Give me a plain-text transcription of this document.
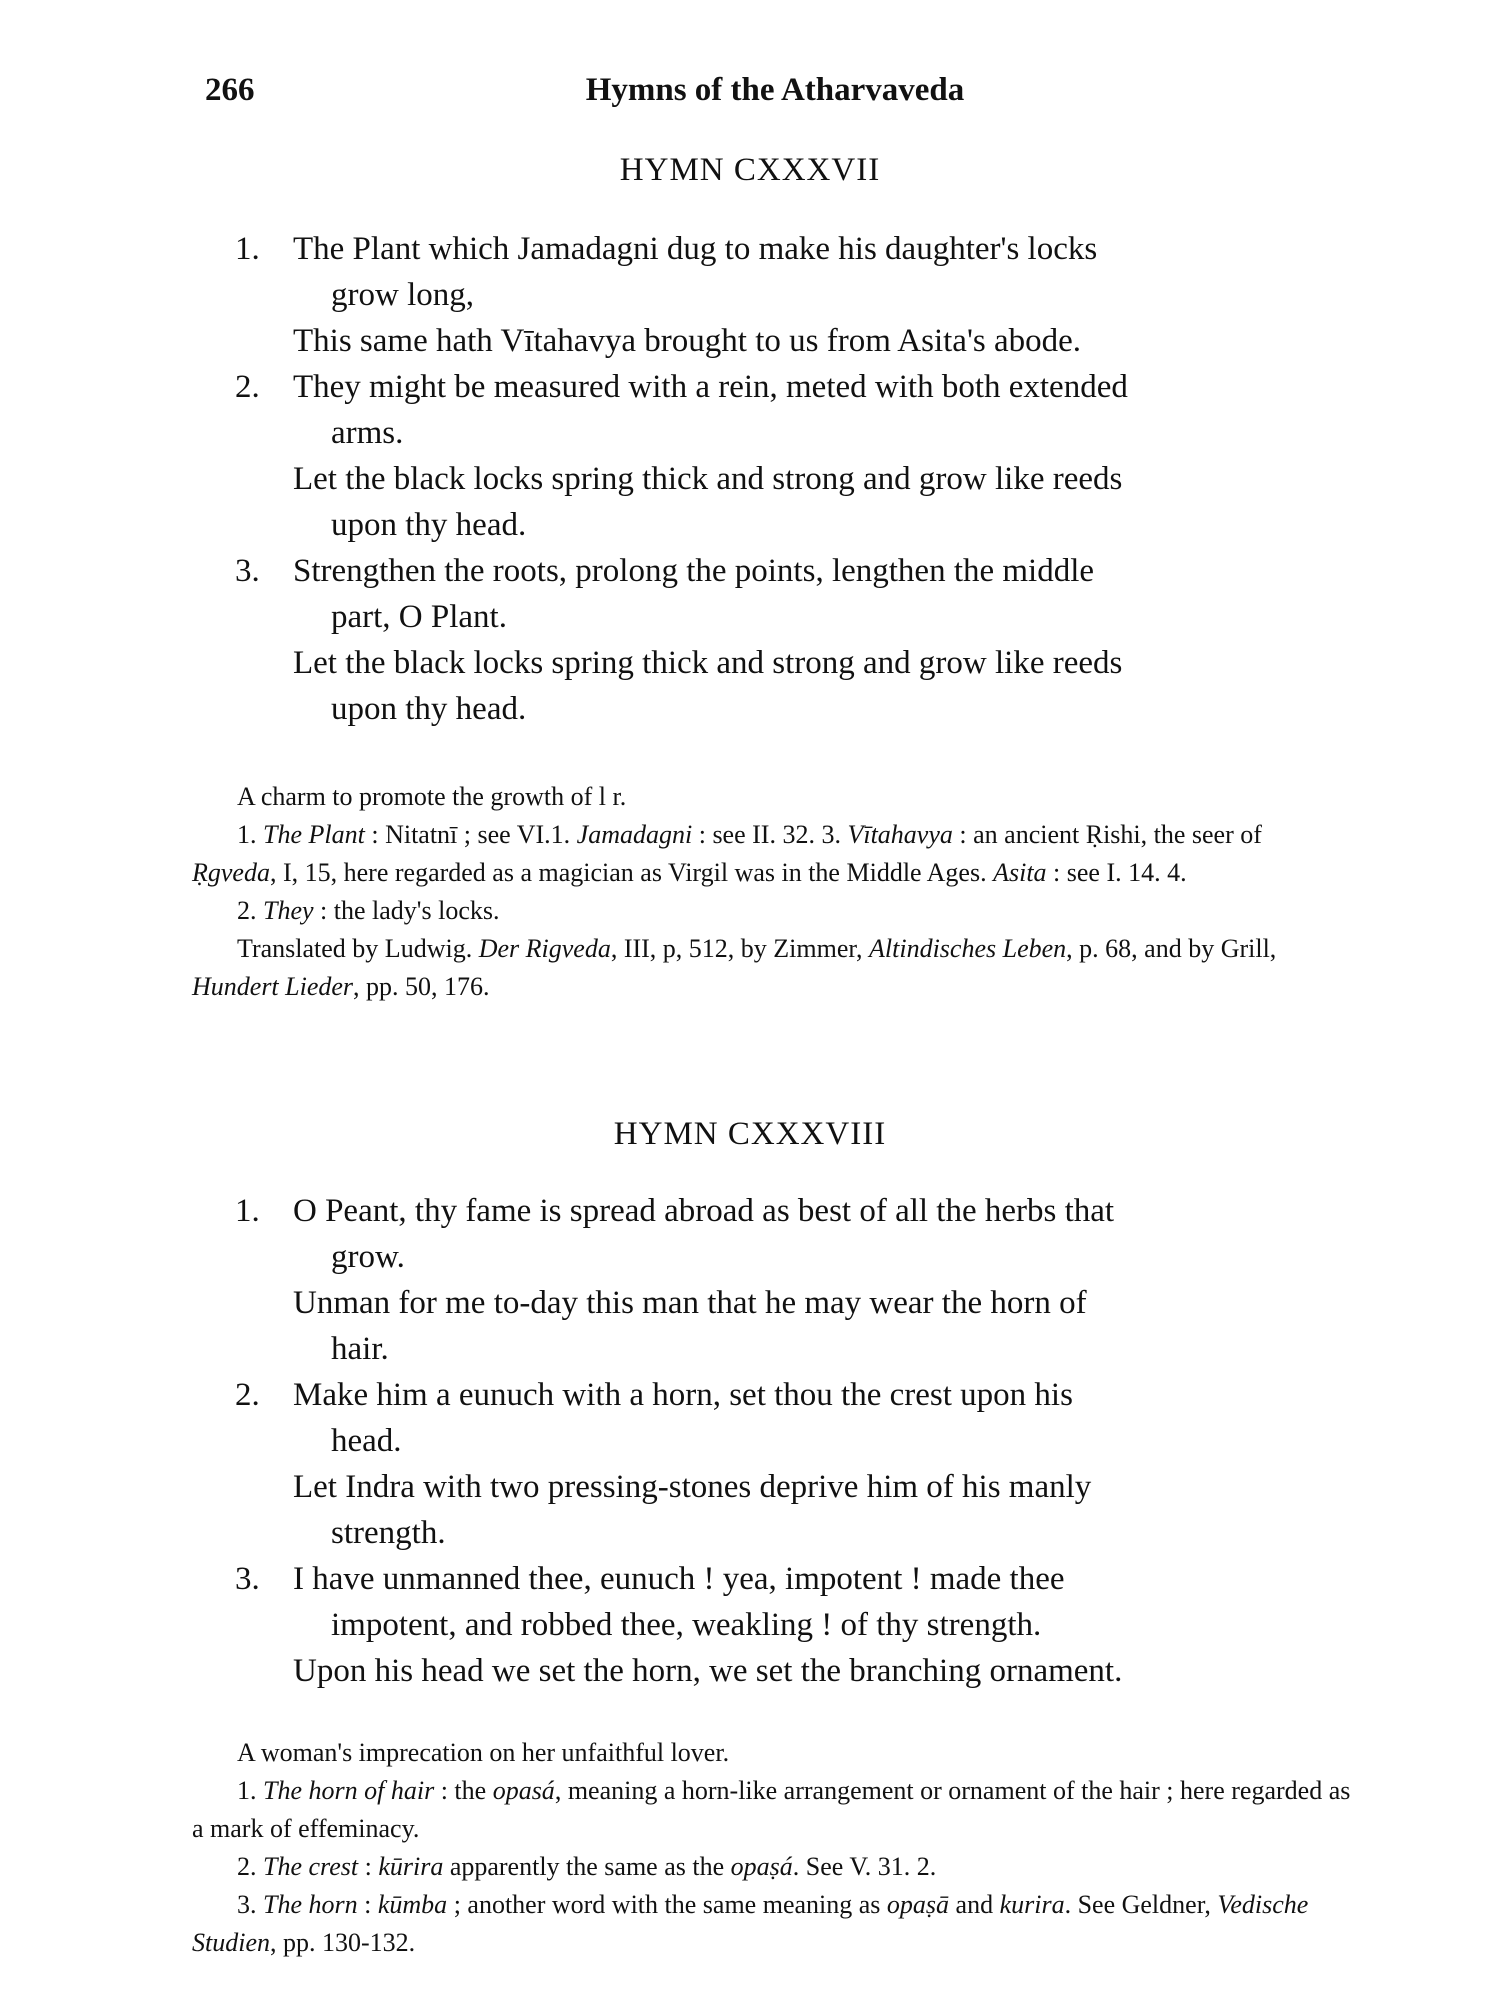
266	Hymns of the Atharvaveda
HYMN CXXXVII
1. The Plant which Jamadagni dug to make his daughter's locks
grow long,
This same hath Vītahavya brought to us from Asita's abode.
2. They might be measured with a rein, meted with both extended
arms.
Let the black locks spring thick and strong and grow like reeds
upon thy head.
3. Strengthen the roots, prolong the points, lengthen the middle
part, O Plant.
Let the black locks spring thick and strong and grow like reeds
upon thy head.

A charm to promote the growth of l r.

1. The Plant : Nitatnī ; see VI.1. Jamadagni : see II. 32. 3. Vītahavya : an ancient Ṛishi, the seer of Ṛgveda, I, 15, here regarded as a magician as Virgil was in the Middle Ages. Asita : see I. 14. 4.

2. They : the lady's locks.

Translated by Ludwig. Der Rigveda, III, p, 512, by Zimmer, Altindisches Leben, p. 68, and by Grill, Hundert Lieder, pp. 50, 176.

HYMN CXXXVIII
1. O Peant, thy fame is spread abroad as best of all the herbs that
grow.
Unman for me to-day this man that he may wear the horn of
hair.
2. Make him a eunuch with a horn, set thou the crest upon his
head.
Let Indra with two pressing-stones deprive him of his manly
strength.
3. I have unmanned thee, eunuch ! yea, impotent ! made thee
impotent, and robbed thee, weakling ! of thy strength.
Upon his head we set the horn, we set the branching ornament.

A woman's imprecation on her unfaithful lover.

1. The horn of hair : the opasá, meaning a horn-like arrangement or ornament of the hair ; here regarded as a mark of effeminacy.

2. The crest : kūrira apparently the same as the opaṣá. See V. 31. 2.

3. The horn : kūmba ; another word with the same meaning as opaṣā and kurira. See Geldner, Vedische Studien, pp. 130-132.
